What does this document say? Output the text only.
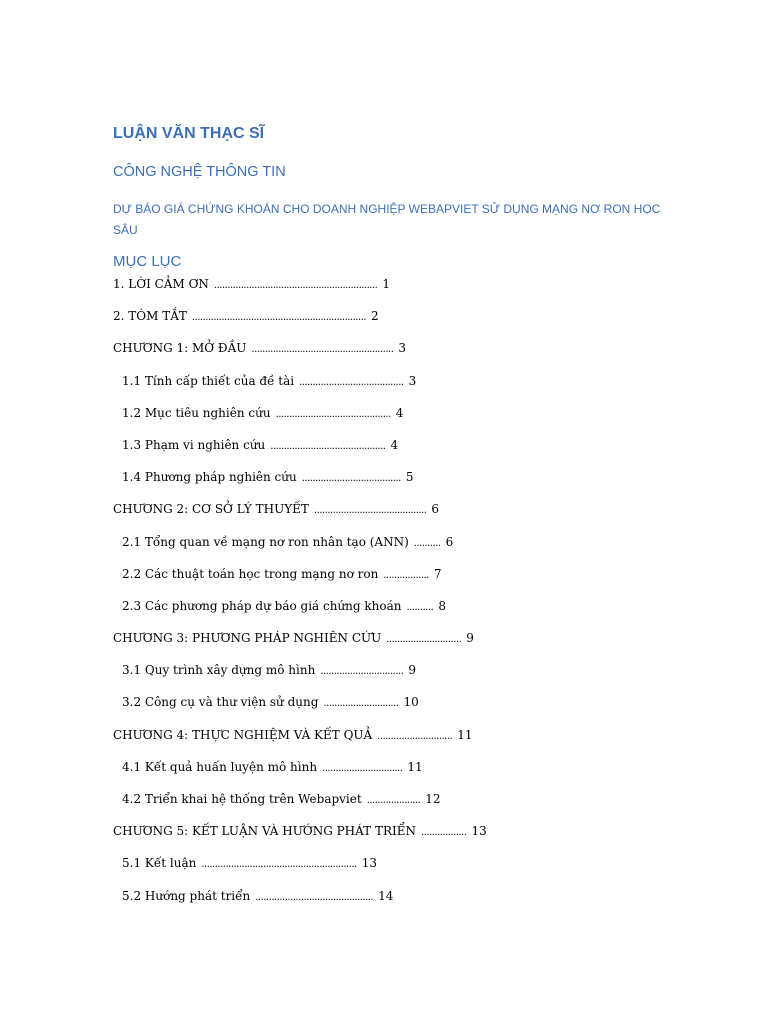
LUẬN VĂN THẠC SĨ
CÔNG NGHỆ THÔNG TIN
DỰ BÁO GIÁ CHỨNG KHOÁN CHO DOANH NGHIỆP WEBAPVIET SỬ DỤNG MẠNG NƠ RON HỌC SÂU
MỤC LỤC
1. LỜI CẢM ƠN ............................................................. 1
2. TÓM TẮT ................................................................. 2
CHƯƠNG 1: MỞ ĐẦU ..................................................... 3
1.1 Tính cấp thiết của đề tài ....................................... 3
1.2 Mục tiêu nghiên cứu ........................................... 4
1.3 Phạm vi nghiên cứu ........................................... 4
1.4 Phương pháp nghiên cứu ..................................... 5
CHƯƠNG 2: CƠ SỞ LÝ THUYẾT .......................................... 6
2.1 Tổng quan về mạng nơ ron nhân tạo (ANN) .......... 6
2.2 Các thuật toán học trong mạng nơ ron ................. 7
2.3 Các phương pháp dự báo giá chứng khoán .......... 8
CHƯƠNG 3: PHƯƠNG PHÁP NGHIÊN CỨU ............................ 9
3.1 Quy trình xây dựng mô hình ............................... 9
3.2 Công cụ và thư viện sử dụng ............................ 10
CHƯƠNG 4: THỰC NGHIỆM VÀ KẾT QUẢ ............................ 11
4.1 Kết quả huấn luyện mô hình .............................. 11
4.2 Triển khai hệ thống trên Webapviet .................... 12
CHƯƠNG 5: KẾT LUẬN VÀ HƯỚNG PHÁT TRIỂN ................. 13
5.1 Kết luận .......................................................... 13
5.2 Hướng phát triển ............................................ 14
